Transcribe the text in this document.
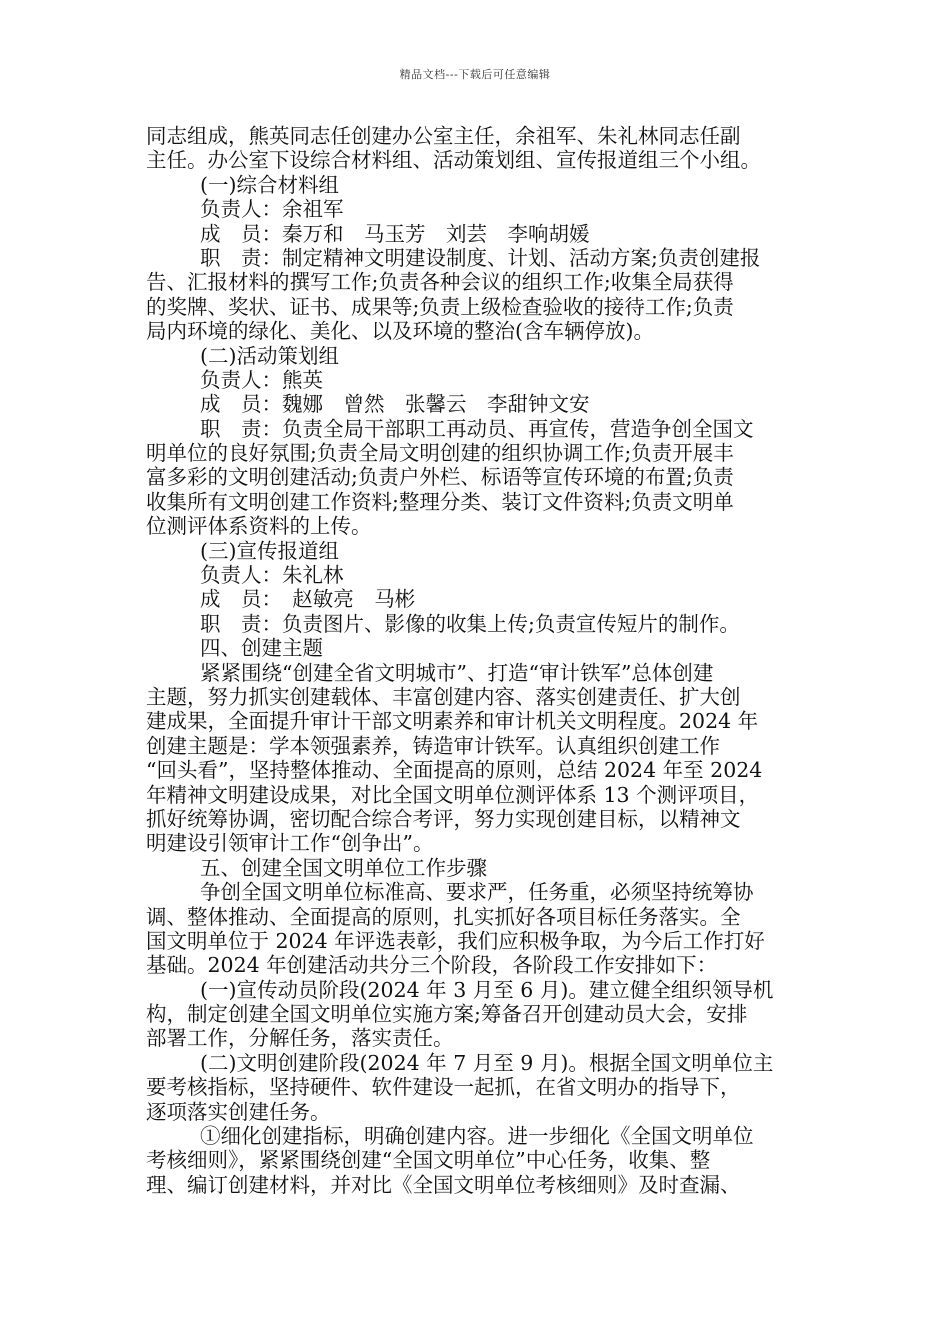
精品文档---下载后可任意编辑
同志组成，熊英同志任创建办公室主任，余祖军、朱礼林同志任副
主任。办公室下设综合材料组、活动策划组、宣传报道组三个小组。
(一)综合材料组
负责人：余祖军
成　员：秦万和　马玉芳　刘芸　李响胡媛
职　责：制定精神文明建设制度、计划、活动方案;负责创建报
告、汇报材料的撰写工作;负责各种会议的组织工作;收集全局获得
的奖牌、奖状、证书、成果等;负责上级检查验收的接待工作;负责
局内环境的绿化、美化、以及环境的整治(含车辆停放)。
(二)活动策划组
负责人：熊英
成　员：魏娜　曾然　张馨云　李甜钟文安
职　责：负责全局干部职工再动员、再宣传，营造争创全国文
明单位的良好氛围;负责全局文明创建的组织协调工作;负责开展丰
富多彩的文明创建活动;负责户外栏、标语等宣传环境的布置;负责
收集所有文明创建工作资料;整理分类、装订文件资料;负责文明单
位测评体系资料的上传。
(三)宣传报道组
负责人：朱礼林
成　员：　赵敏亮　马彬
职　责：负责图片、影像的收集上传;负责宣传短片的制作。
四、创建主题
紧紧围绕“创建全省文明城市”、打造“审计铁军”总体创建
主题，努力抓实创建载体、丰富创建内容、落实创建责任、扩大创
建成果，全面提升审计干部文明素养和审计机关文明程度。2024 年
创建主题是：学本领强素养，铸造审计铁军。认真组织创建工作
“回头看”，坚持整体推动、全面提高的原则，总结 2024 年至 2024
年精神文明建设成果，对比全国文明单位测评体系 13 个测评项目，
抓好统筹协调，密切配合综合考评，努力实现创建目标，以精神文
明建设引领审计工作“创争出”。
五、创建全国文明单位工作步骤
争创全国文明单位标准高、要求严，任务重，必须坚持统筹协
调、整体推动、全面提高的原则，扎实抓好各项目标任务落实。全
国文明单位于 2024 年评选表彰，我们应积极争取，为今后工作打好
基础。2024 年创建活动共分三个阶段，各阶段工作安排如下：
(一)宣传动员阶段(2024 年 3 月至 6 月)。建立健全组织领导机
构，制定创建全国文明单位实施方案;筹备召开创建动员大会，安排
部署工作，分解任务，落实责任。
(二)文明创建阶段(2024 年 7 月至 9 月)。根据全国文明单位主
要考核指标，坚持硬件、软件建设一起抓，在省文明办的指导下，
逐项落实创建任务。
①细化创建指标，明确创建内容。进一步细化《全国文明单位
考核细则》，紧紧围绕创建“全国文明单位”中心任务，收集、整
理、编订创建材料，并对比《全国文明单位考核细则》及时查漏、
